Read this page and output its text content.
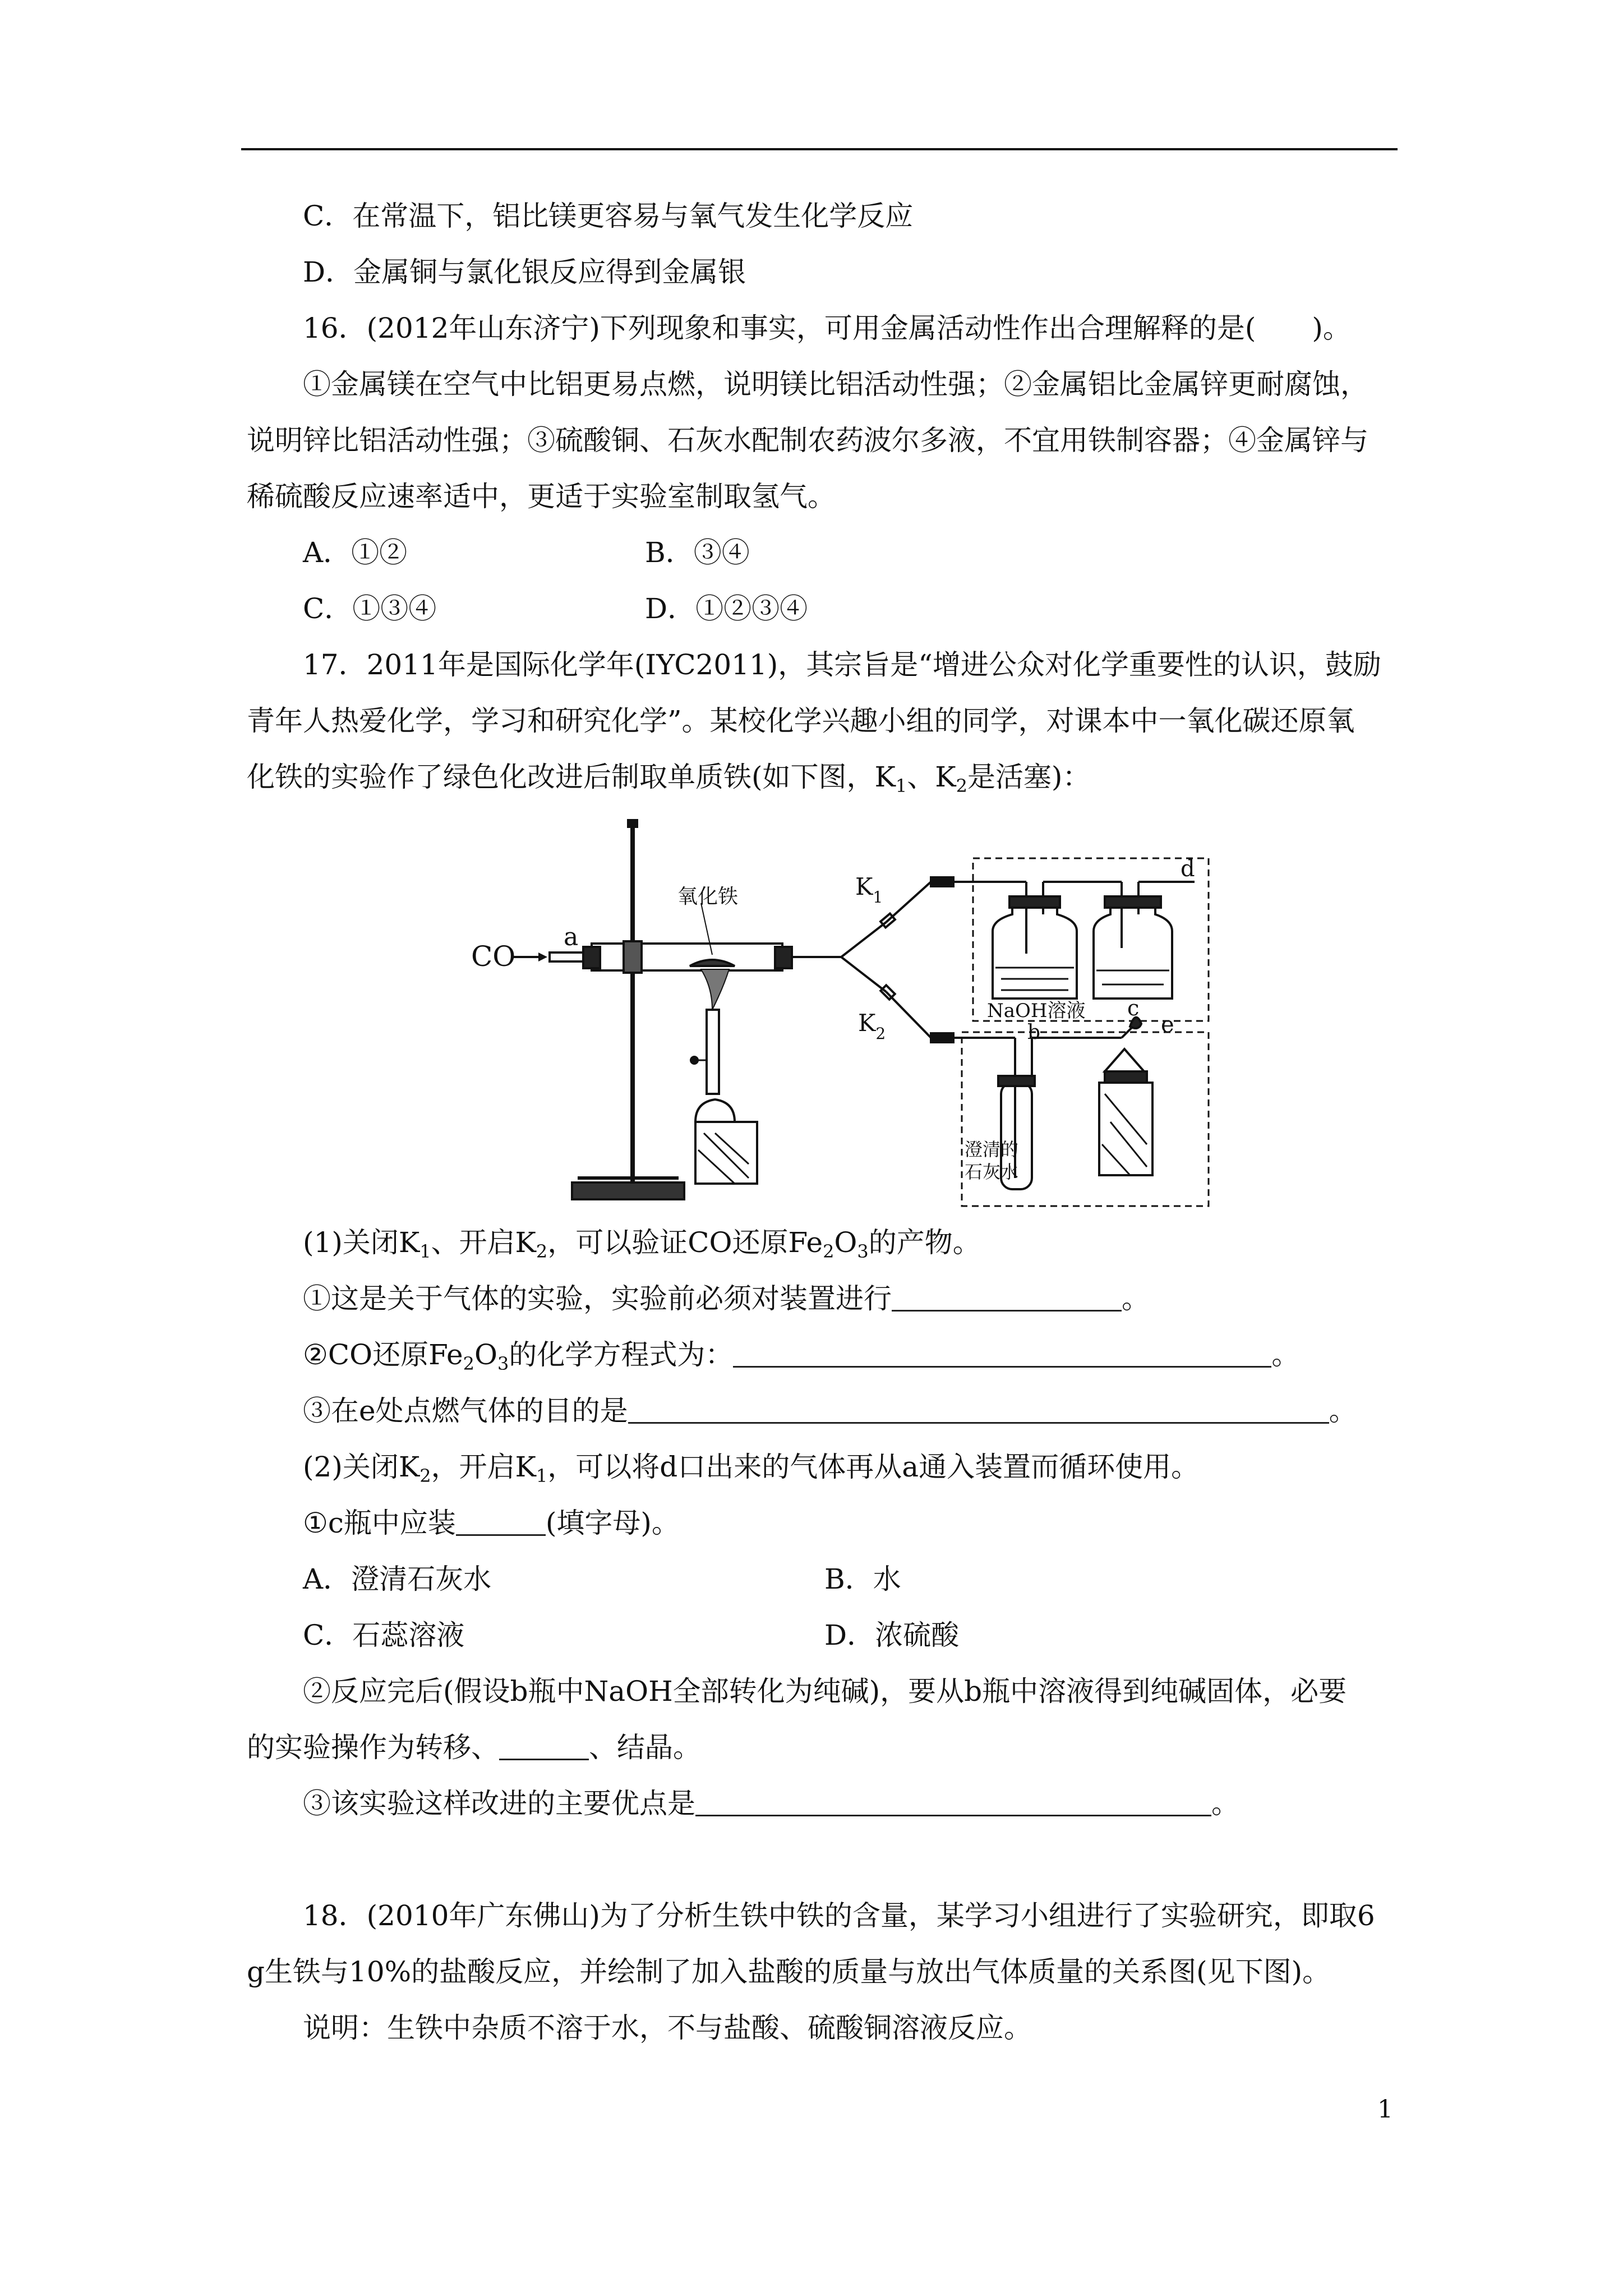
C．在常温下，铝比镁更容易与氧气发生化学反应
D．金属铜与氯化银反应得到金属银
16．(2012年山东济宁)下列现象和事实，可用金属活动性作出合理解释的是(　　)。
①金属镁在空气中比铝更易点燃，说明镁比铝活动性强；②金属铝比金属锌更耐腐蚀，
说明锌比铝活动性强；③硫酸铜、石灰水配制农药波尔多液，不宜用铁制容器；④金属锌与
稀硫酸反应速率适中，更适于实验室制取氢气。
A．①②	B．③④
C．①③④	D．①②③④
17．2011年是国际化学年(IYC2011)，其宗旨是“增进公众对化学重要性的认识，鼓励
青年人热爱化学，学习和研究化学”。某校化学兴趣小组的同学，对课本中一氧化碳还原氧
化铁的实验作了绿色化改进后制取单质铁(如下图，$K_1$、$K_2$是活塞)：
CO
a
氧化铁	$K_1$
$K_2$
NaOH溶液
b
c
d
e
澄清的
石灰水
(1)关闭$K_1$、开启$K_2$，可以验证CO还原$Fe_2O_3$的产物。
①这是关于气体的实验，实验前必须对装置进行	。
②CO还原$Fe_2O_3$的化学方程式为：	。
③在e处点燃气体的目的是	。
(2)关闭$K_2$，开启$K_1$，可以将d口出来的气体再从a通入装置而循环使用。
①c瓶中应装	(填字母)。
A．澄清石灰水	B．水
C．石蕊溶液	D．浓硫酸
②反应完后(假设b瓶中NaOH全部转化为纯碱)，要从b瓶中溶液得到纯碱固体，必要
的实验操作为转移、	、结晶。
③该实验这样改进的主要优点是	。
18．(2010年广东佛山)为了分析生铁中铁的含量，某学习小组进行了实验研究，即取6
g生铁与10%的盐酸反应，并绘制了加入盐酸的质量与放出气体质量的关系图(见下图)。
说明：生铁中杂质不溶于水，不与盐酸、硫酸铜溶液反应。
1
